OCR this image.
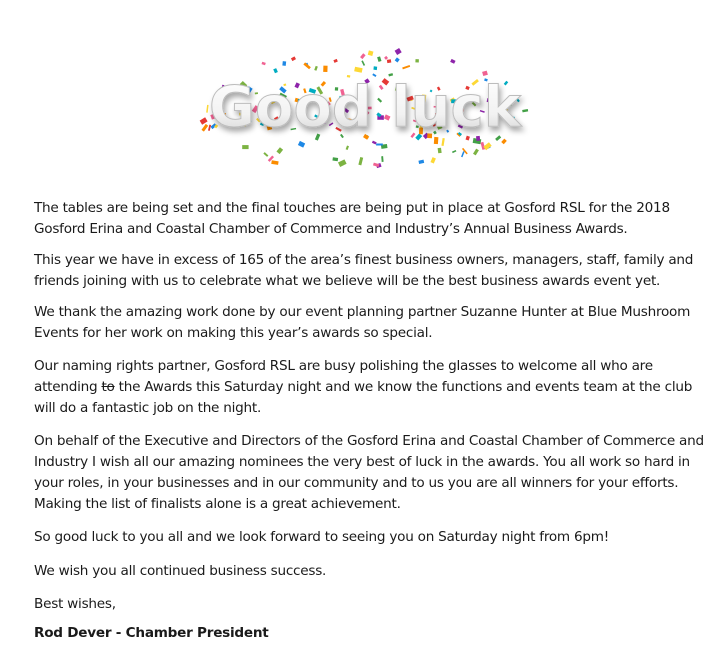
Good luck

The tables are being set and the final touches are being put in place at Gosford RSL for the 2018
Gosford Erina and Coastal Chamber of Commerce and Industry’s Annual Business Awards.

This year we have in excess of 165 of the area’s finest business owners, managers, staff, family and
friends joining with us to celebrate what we believe will be the best business awards event yet.

We thank the amazing work done by our event planning partner Suzanne Hunter at Blue Mushroom
Events for her work on making this year’s awards so special.

Our naming rights partner, Gosford RSL are busy polishing the glasses to welcome all who are
attending to the Awards this Saturday night and we know the functions and events team at the club
will do a fantastic job on the night.

On behalf of the Executive and Directors of the Gosford Erina and Coastal Chamber of Commerce and
Industry I wish all our amazing nominees the very best of luck in the awards. You all work so hard in
your roles, in your businesses and in our community and to us you are all winners for your efforts.
Making the list of finalists alone is a great achievement.

So good luck to you all and we look forward to seeing you on Saturday night from 6pm!

We wish you all continued business success.

Best wishes,

Rod Dever - Chamber President
